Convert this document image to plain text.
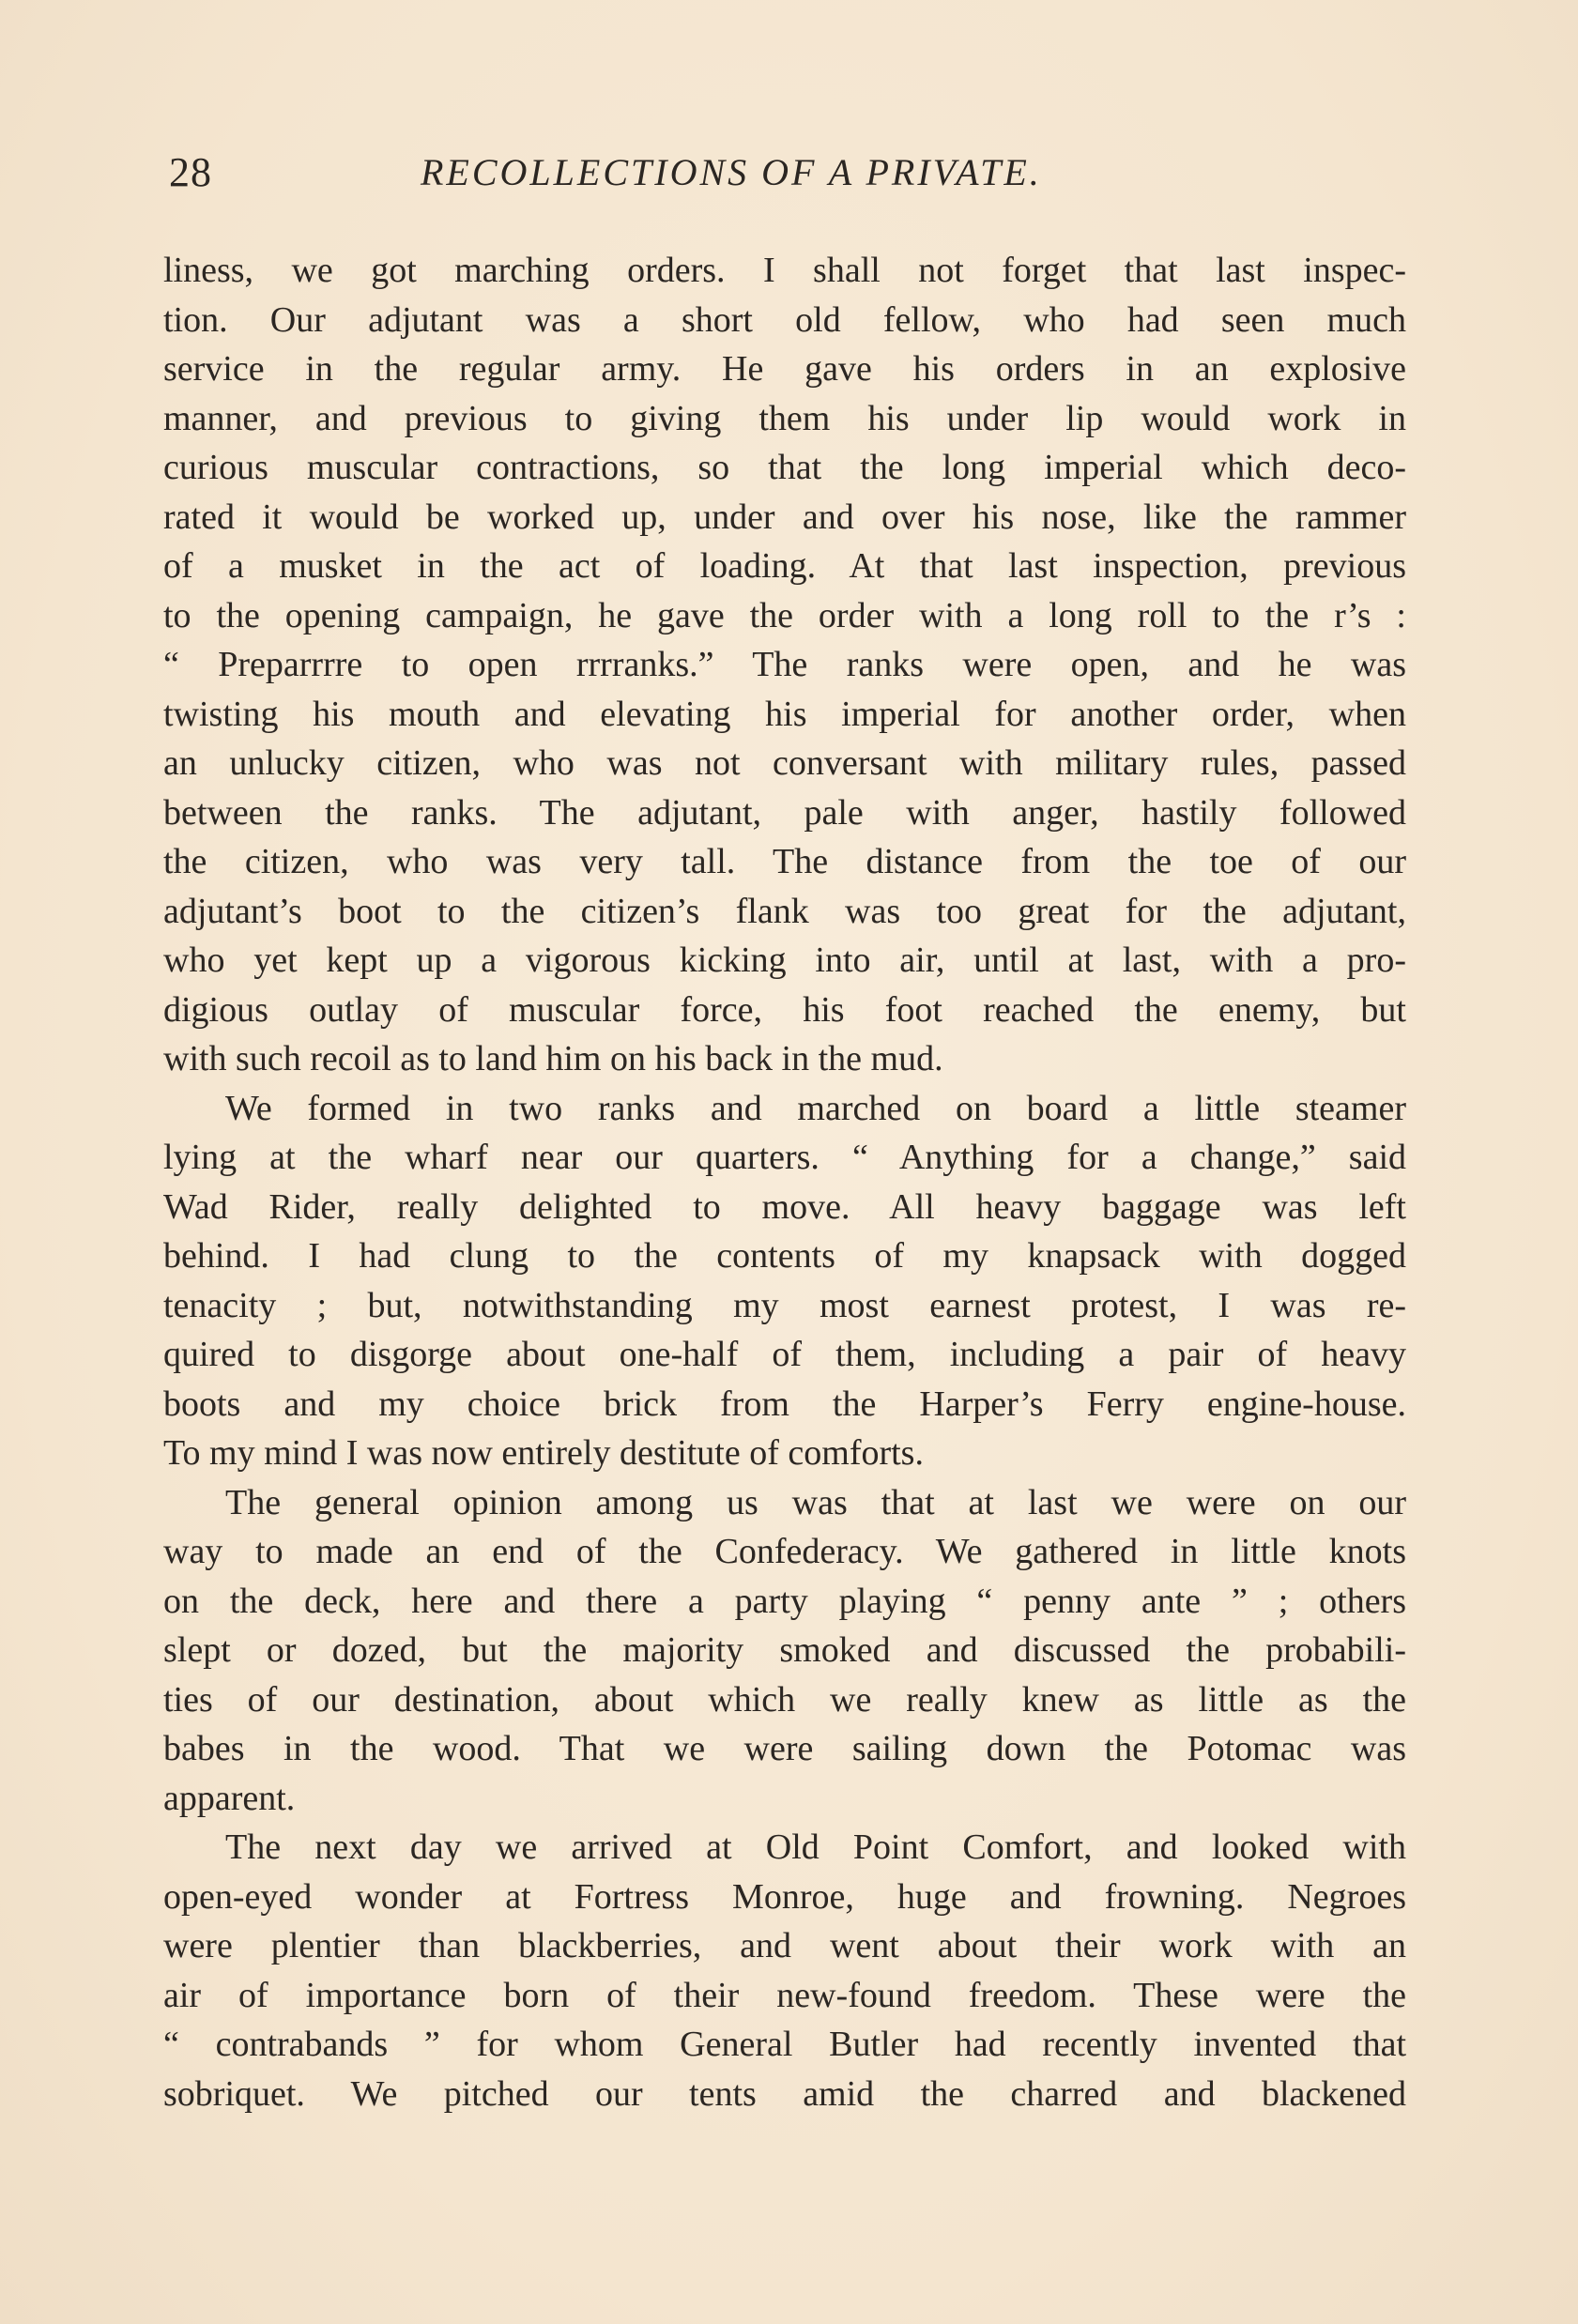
28	RECOLLECTIONS OF A PRIVATE.
liness, we got marching orders. I shall not forget that last inspec-
tion. Our adjutant was a short old fellow, who had seen much
service in the regular army. He gave his orders in an explosive
manner, and previous to giving them his under lip would work in
curious muscular contractions, so that the long imperial which deco-
rated it would be worked up, under and over his nose, like the rammer
of a musket in the act of loading. At that last inspection, previous
to the opening campaign, he gave the order with a long roll to the r’s :
“ Preparrrre to open rrrranks.” The ranks were open, and he was
twisting his mouth and elevating his imperial for another order, when
an unlucky citizen, who was not conversant with military rules, passed
between the ranks. The adjutant, pale with anger, hastily followed
the citizen, who was very tall. The distance from the toe of our
adjutant’s boot to the citizen’s flank was too great for the adjutant,
who yet kept up a vigorous kicking into air, until at last, with a pro-
digious outlay of muscular force, his foot reached the enemy, but
with such recoil as to land him on his back in the mud.
We formed in two ranks and marched on board a little steamer
lying at the wharf near our quarters. “ Anything for a change,” said
Wad Rider, really delighted to move. All heavy baggage was left
behind. I had clung to the contents of my knapsack with dogged
tenacity ; but, notwithstanding my most earnest protest, I was re-
quired to disgorge about one-half of them, including a pair of heavy
boots and my choice brick from the Harper’s Ferry engine-house.
To my mind I was now entirely destitute of comforts.
The general opinion among us was that at last we were on our
way to made an end of the Confederacy. We gathered in little knots
on the deck, here and there a party playing “ penny ante ” ; others
slept or dozed, but the majority smoked and discussed the probabili-
ties of our destination, about which we really knew as little as the
babes in the wood. That we were sailing down the Potomac was
apparent.
The next day we arrived at Old Point Comfort, and looked with
open-eyed wonder at Fortress Monroe, huge and frowning. Negroes
were plentier than blackberries, and went about their work with an
air of importance born of their new-found freedom. These were the
“ contrabands ” for whom General Butler had recently invented that
sobriquet. We pitched our tents amid the charred and blackened
